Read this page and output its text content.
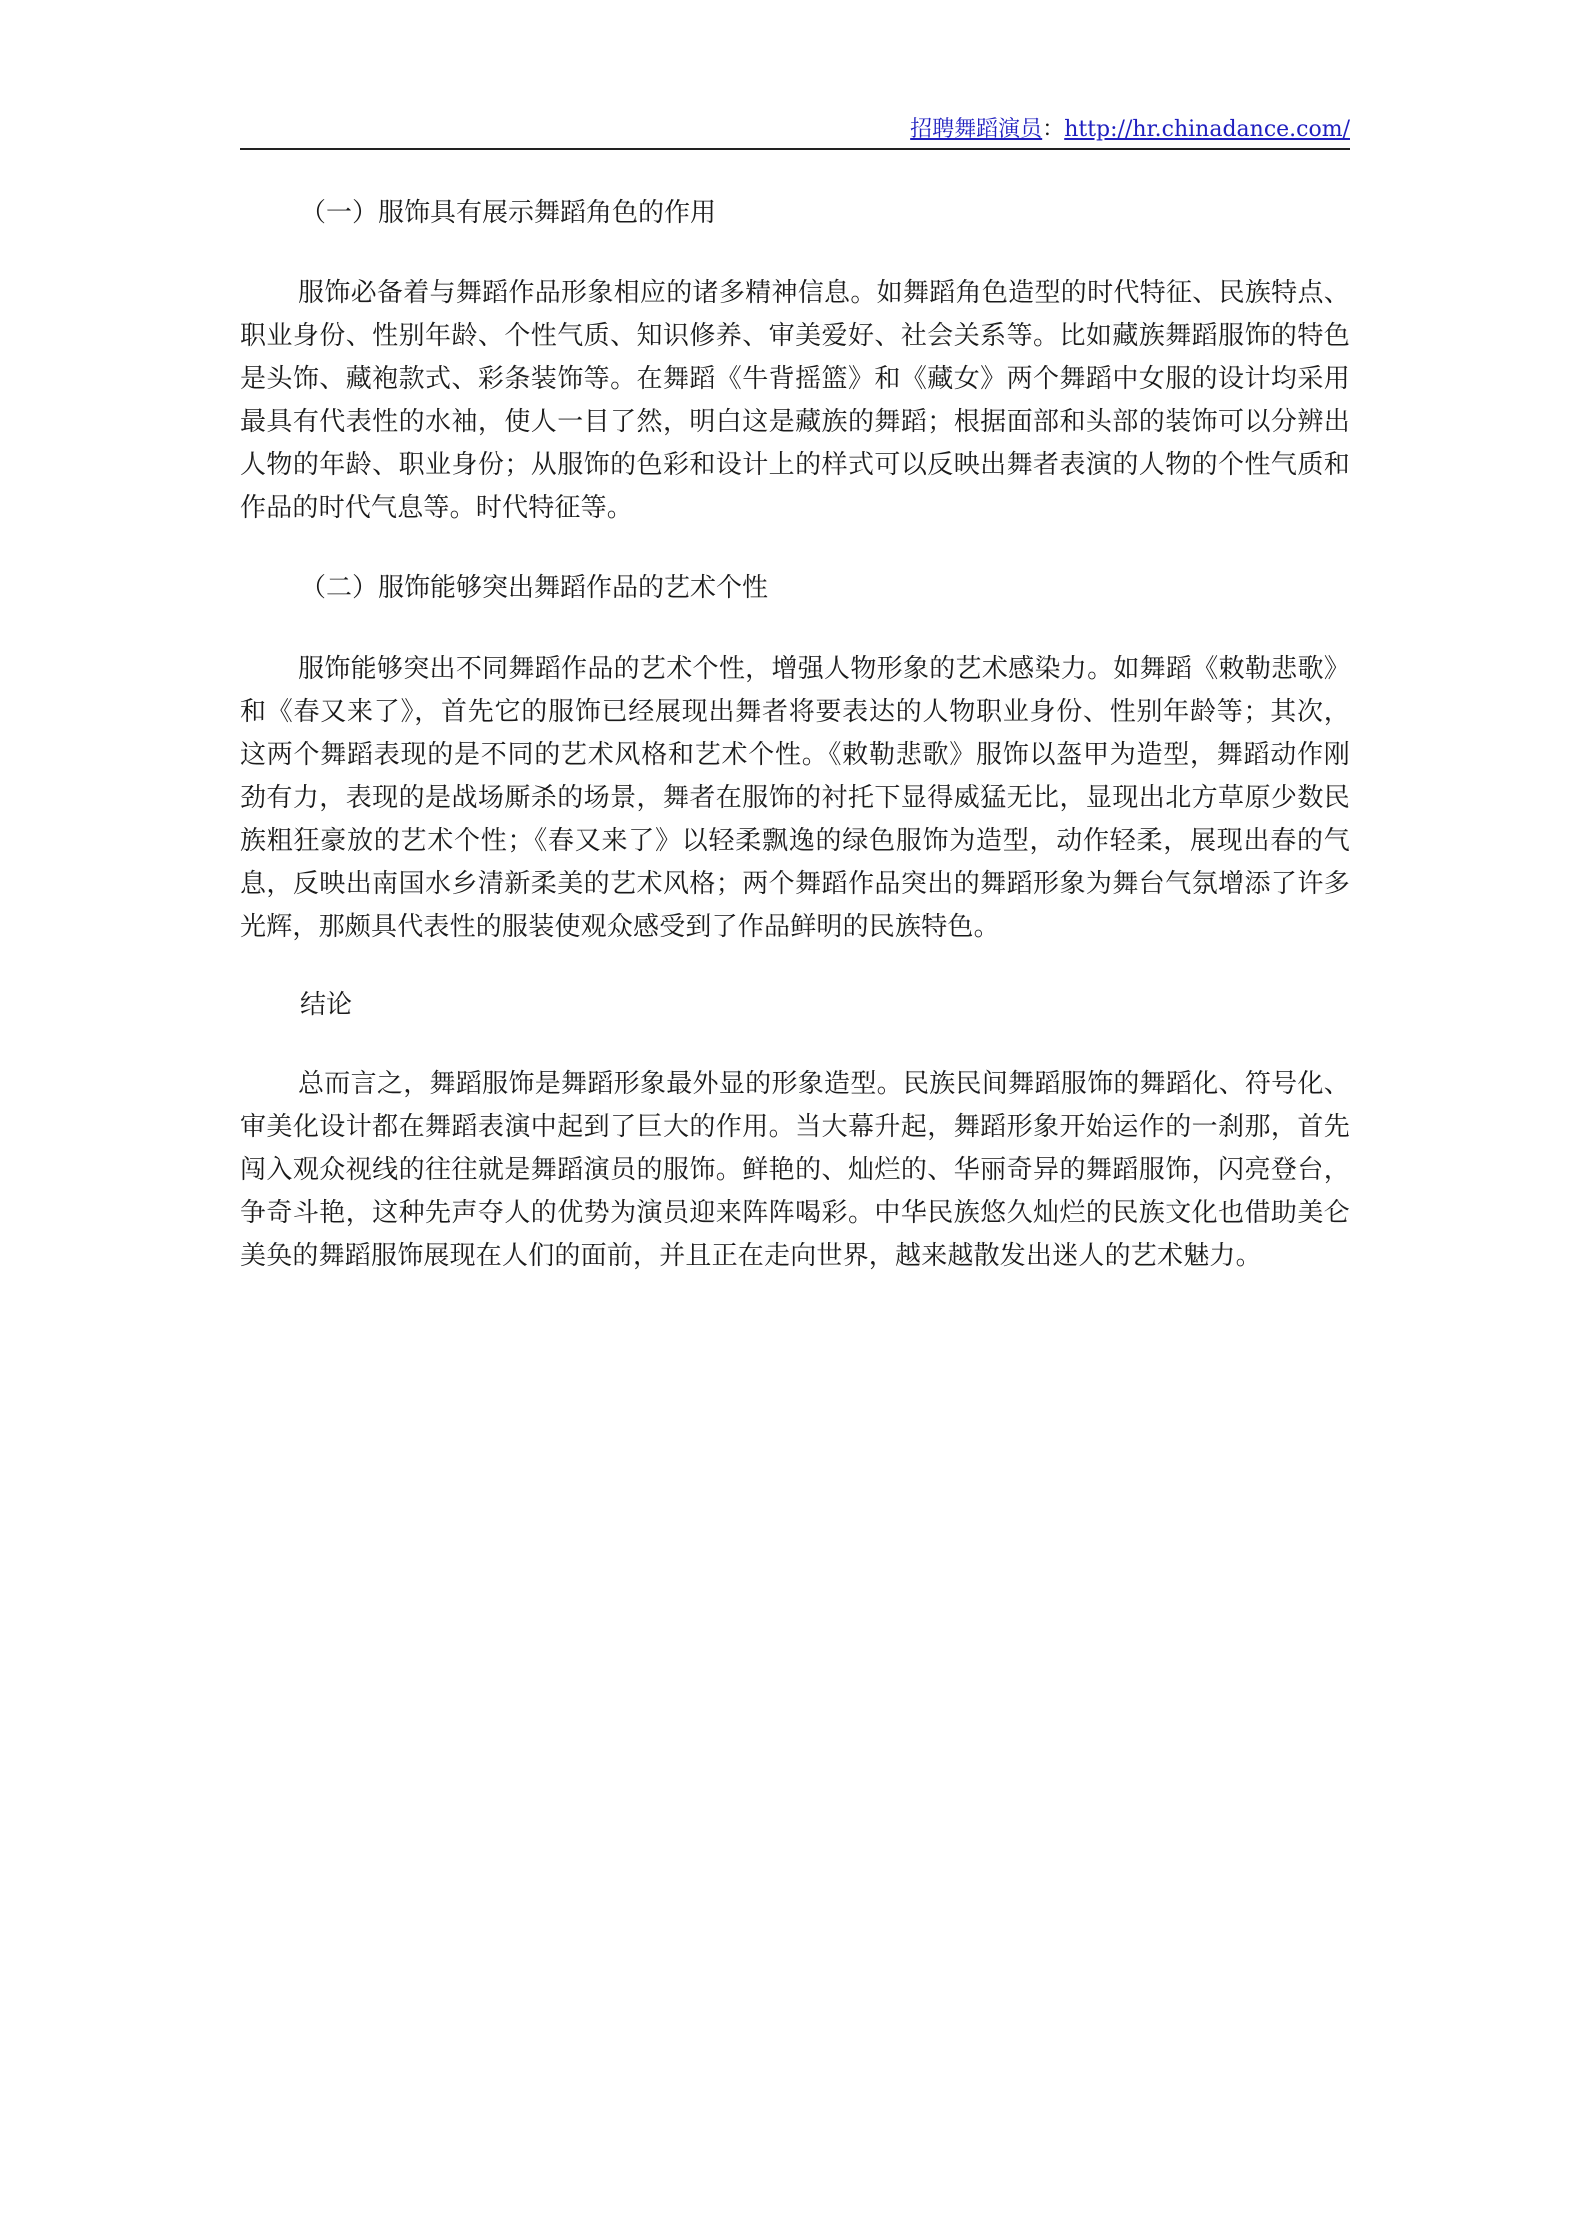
招聘舞蹈演员：http://hr.chinadance.com/
（一）服饰具有展示舞蹈角色的作用
服饰必备着与舞蹈作品形象相应的诸多精神信息。如舞蹈角色造型的时代特征、民族特点、职业身份、性别年龄、个性气质、知识修养、审美爱好、社会关系等。比如藏族舞蹈服饰的特色是头饰、藏袍款式、彩条装饰等。在舞蹈《牛背摇篮》和《藏女》两个舞蹈中女服的设计均采用最具有代表性的水袖，使人一目了然，明白这是藏族的舞蹈；根据面部和头部的装饰可以分辨出人物的年龄、职业身份；从服饰的色彩和设计上的样式可以反映出舞者表演的人物的个性气质和作品的时代气息等。时代特征等。
（二）服饰能够突出舞蹈作品的艺术个性
服饰能够突出不同舞蹈作品的艺术个性，增强人物形象的艺术感染力。如舞蹈《敕勒悲歌》和《春又来了》，首先它的服饰已经展现出舞者将要表达的人物职业身份、性别年龄等；其次，这两个舞蹈表现的是不同的艺术风格和艺术个性。《敕勒悲歌》服饰以盔甲为造型，舞蹈动作刚劲有力，表现的是战场厮杀的场景，舞者在服饰的衬托下显得威猛无比，显现出北方草原少数民族粗狂豪放的艺术个性；《春又来了》以轻柔飘逸的绿色服饰为造型，动作轻柔，展现出春的气息，反映出南国水乡清新柔美的艺术风格；两个舞蹈作品突出的舞蹈形象为舞台气氛增添了许多光辉，那颇具代表性的服装使观众感受到了作品鲜明的民族特色。
结论
总而言之，舞蹈服饰是舞蹈形象最外显的形象造型。民族民间舞蹈服饰的舞蹈化、符号化、审美化设计都在舞蹈表演中起到了巨大的作用。当大幕升起，舞蹈形象开始运作的一刹那，首先闯入观众视线的往往就是舞蹈演员的服饰。鲜艳的、灿烂的、华丽奇异的舞蹈服饰，闪亮登台，争奇斗艳，这种先声夺人的优势为演员迎来阵阵喝彩。中华民族悠久灿烂的民族文化也借助美仑美奂的舞蹈服饰展现在人们的面前，并且正在走向世界，越来越散发出迷人的艺术魅力。
